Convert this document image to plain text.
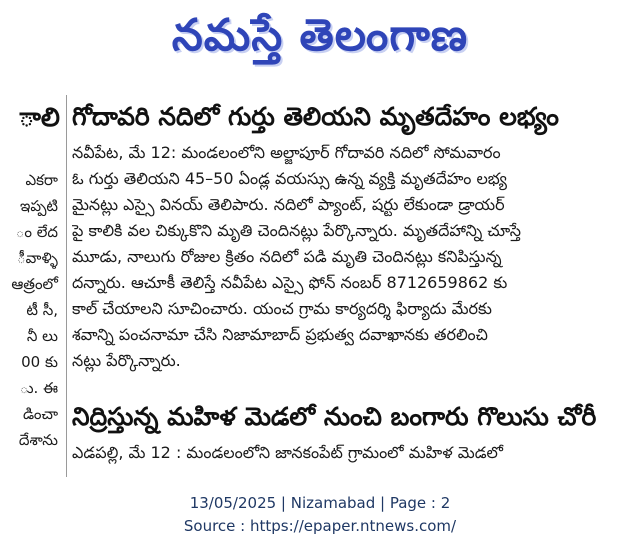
నమస్తే తెలంగాణ
ాలి
ఎకరా
ఇప్పటి
ం లేద
ీవాళ్ళి
ఆత్రంలో
టీ సీ,
నీ లు
00 కు
ు. ఈ
డించా
దేశాను
గోదావరి నదిలో గుర్తు తెలియని మృతదేహం లభ్యం
నవీపేట, మే 12: మండలంలోని అల్జాపూర్ గోదావరి నదిలో సోమవారం
ఓ గుర్తు తెలియని 45–50 ఏండ్ల వయస్సు ఉన్న వ్యక్తి మృతదేహం లభ్య
మైనట్లు ఎస్సై వినయ్ తెలిపారు. నదిలో ప్యాంట్, షర్టు లేకుండా డ్రాయర్
పై కాలికి వల చిక్కుకొని మృతి చెందినట్లు పేర్కొన్నారు. మృతదేహాన్ని చూస్తే
మూడు, నాలుగు రోజుల క్రితం నదిలో పడి మృతి చెందినట్లు కనిపిస్తున్న
దన్నారు. ఆచూకీ తెలిస్తే నవీపేట ఎస్సై ఫోన్ నంబర్ 8712659862 కు
కాల్ చేయాలని సూచించారు. యంచ గ్రామ కార్యదర్శి ఫిర్యాదు మేరకు
శవాన్ని పంచనామా చేసి నిజామాబాద్ ప్రభుత్వ దవాఖానకు తరలించి
నట్లు పేర్కొన్నారు.
నిద్రిస్తున్న మహిళ మెడలో నుంచి బంగారు గొలుసు చోరీ
ఎడపల్లి, మే 12 : మండలంలోని జానకంపేట్ గ్రామంలో మహిళ మెడలో
13/05/2025 | Nizamabad | Page : 2
Source : https://epaper.ntnews.com/
